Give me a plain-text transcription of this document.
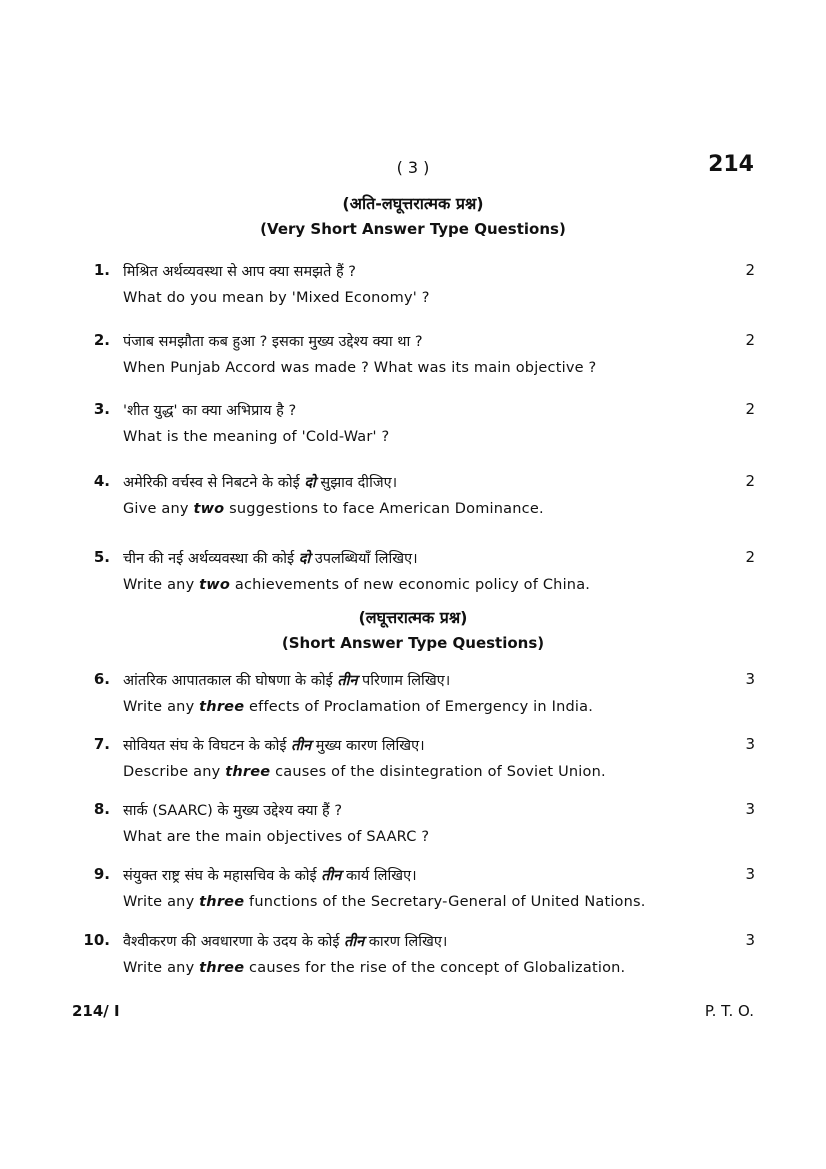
( 3 )	214
(अति-लघूत्तरात्मक प्रश्न)
(Very Short Answer Type Questions)
1. मिश्रित अर्थव्यवस्था से आप क्या समझते हैं ?	2
What do you mean by 'Mixed Economy' ?
2. पंजाब समझौता कब हुआ ? इसका मुख्य उद्देश्य क्या था ?	2
When Punjab Accord was made ? What was its main objective ?
3. 'शीत युद्ध' का क्या अभिप्राय है ?	2
What is the meaning of 'Cold-War' ?
4. अमेरिकी वर्चस्व से निबटने के कोई दो सुझाव दीजिए।	2
Give any two suggestions to face American Dominance.
5. चीन की नई अर्थव्यवस्था की कोई दो उपलब्धियाँ लिखिए।	2
Write any two achievements of new economic policy of China.
(लघूत्तरात्मक प्रश्न)
(Short Answer Type Questions)
6. आंतरिक आपातकाल की घोषणा के कोई तीन परिणाम लिखिए।	3
Write any three effects of Proclamation of Emergency in India.
7. सोवियत संघ के विघटन के कोई तीन मुख्य कारण लिखिए।	3
Describe any three causes of the disintegration of Soviet Union.
8. सार्क (SAARC) के मुख्य उद्देश्य क्या हैं ?	3
What are the main objectives of SAARC ?
9. संयुक्त राष्ट्र संघ के महासचिव के कोई तीन कार्य लिखिए।	3
Write any three functions of the Secretary-General of United Nations.
10. वैश्वीकरण की अवधारणा के उदय के कोई तीन कारण लिखिए।	3
Write any three causes for the rise of the concept of Globalization.
214/ I	P. T. O.
